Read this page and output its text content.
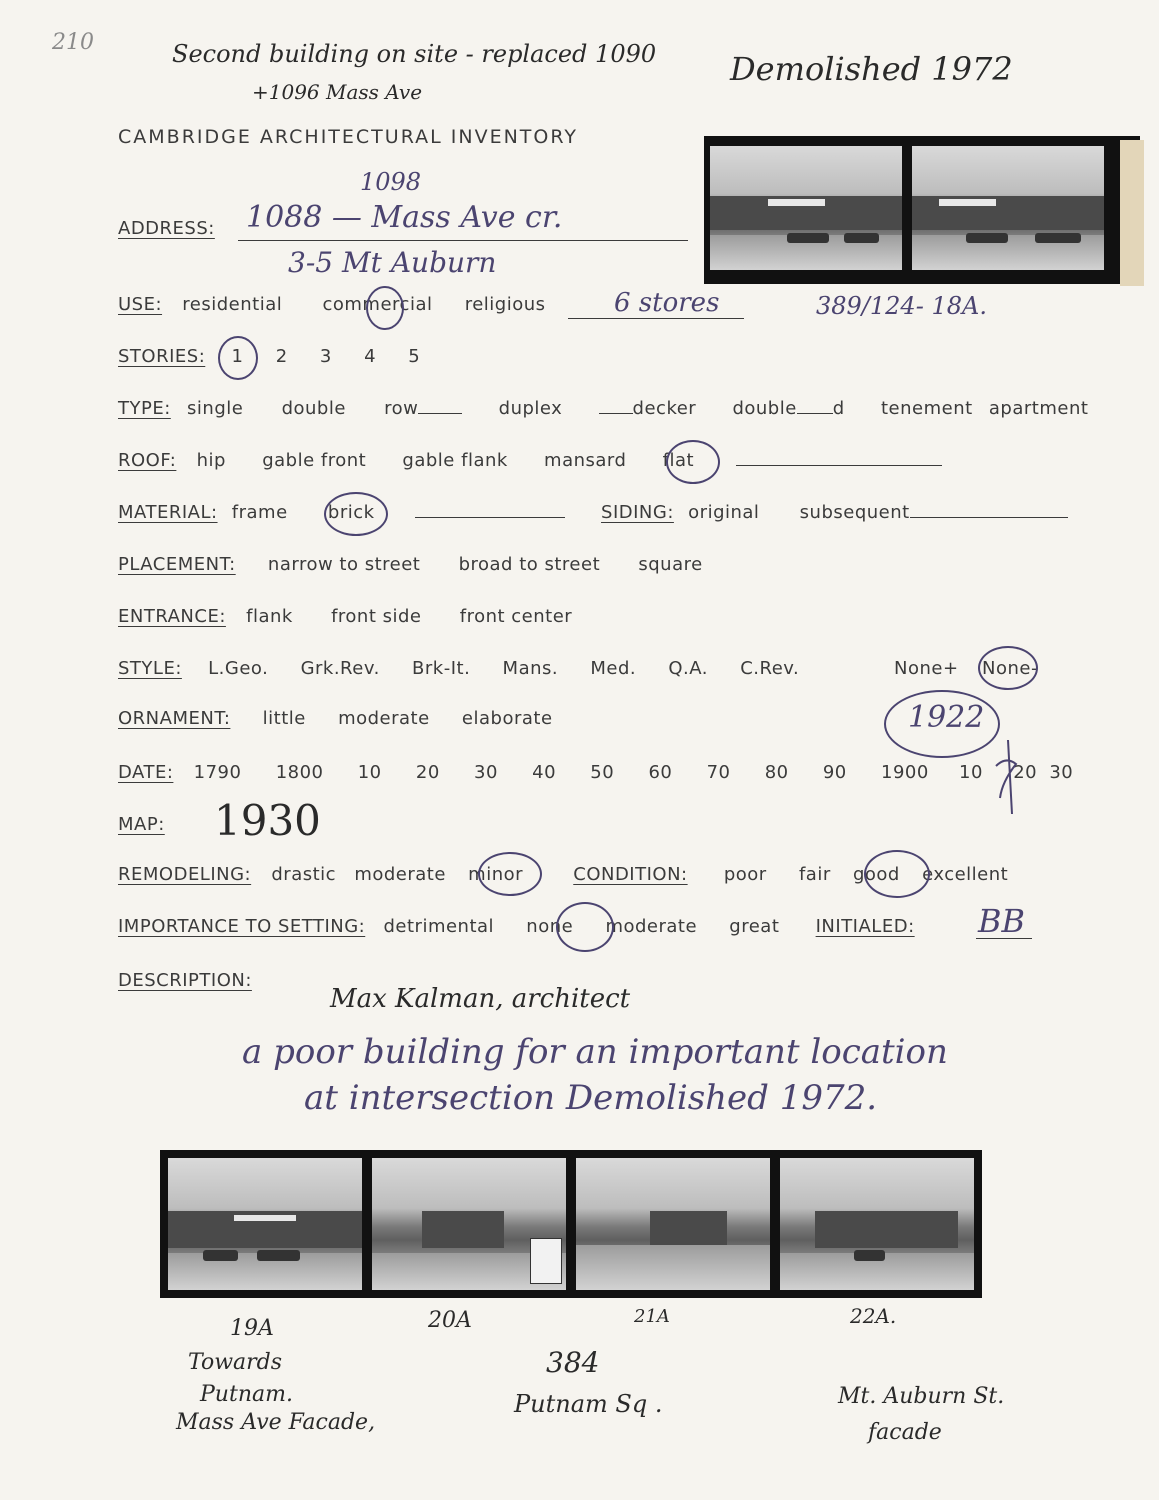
210	Second building on site - replaced 1090
+1096 Mass Ave
Demolished 1972
CAMBRIDGE ARCHITECTURAL INVENTORY
ADDRESS: 1088 — Mass Ave cr.
1098
3-5 Mt Auburn
USE: residential commercial religious	6 stores	389/124- 18A.
STORIES: 1 2 3 4 5
TYPE: single double row	duplex	decker double d tenement apartment
ROOF: hip gable front gable flank mansard flat
MATERIAL: frame brick	SIDING: original subsequent
PLACEMENT: narrow to street broad to street square
ENTRANCE: flank front side front center
STYLE: L.Geo. Grk.Rev. Brk-It. Mans. Med. Q.A. C.Rev.	None+ None-
ORNAMENT: little moderate elaborate	1922
DATE: 1790 1800 10 20 30 40 50 60 70 80 90 1900 10 20 30
MAP: 1930
REMODELING: drastic moderate minor	CONDITION: poor fair good excellent
IMPORTANCE TO SETTING: detrimental none moderate great INITIALED: BB
DESCRIPTION:
Max Kalman, architect
a poor building for an important location
at intersection Demolished 1972.
19A	20A	21A	22A.
384
Towards
Putnam.
Mass Ave Facade,
Putnam Sq .	Mt. Auburn St.
facade
